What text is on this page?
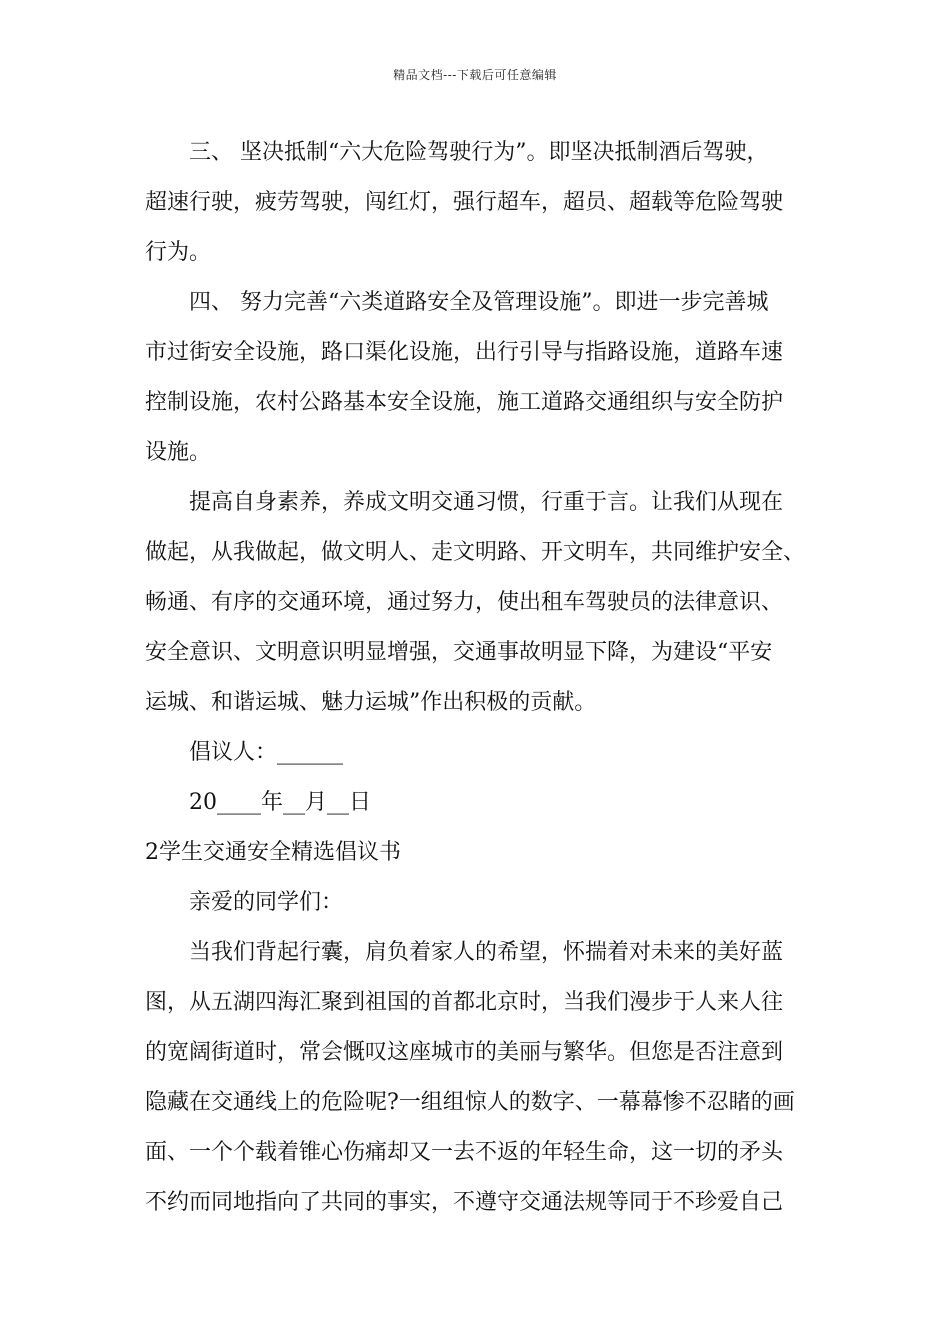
精品文档---下载后可任意编辑
三、 坚决抵制“六大危险驾驶行为”。即坚决抵制酒后驾驶，
超速行驶，疲劳驾驶，闯红灯，强行超车，超员、超载等危险驾驶
行为。
四、 努力完善“六类道路安全及管理设施”。即进一步完善城
市过街安全设施，路口渠化设施，出行引导与指路设施，道路车速
控制设施，农村公路基本安全设施，施工道路交通组织与安全防护
设施。
提高自身素养，养成文明交通习惯，行重于言。让我们从现在
做起，从我做起，做文明人、走文明路、开文明车，共同维护安全、
畅通、有序的交通环境，通过努力，使出租车驾驶员的法律意识、
安全意识、文明意识明显增强，交通事故明显下降，为建设“平安
运城、和谐运城、魅力运城”作出积极的贡献。
倡议人：______
20____年__月__日
2学生交通安全精选倡议书
亲爱的同学们：
当我们背起行囊，肩负着家人的希望，怀揣着对未来的美好蓝
图，从五湖四海汇聚到祖国的首都北京时，当我们漫步于人来人往
的宽阔街道时，常会慨叹这座城市的美丽与繁华。但您是否注意到
隐藏在交通线上的危险呢?一组组惊人的数字、一幕幕惨不忍睹的画
面、一个个载着锥心伤痛却又一去不返的年轻生命，这一切的矛头
不约而同地指向了共同的事实，不遵守交通法规等同于不珍爱自己
